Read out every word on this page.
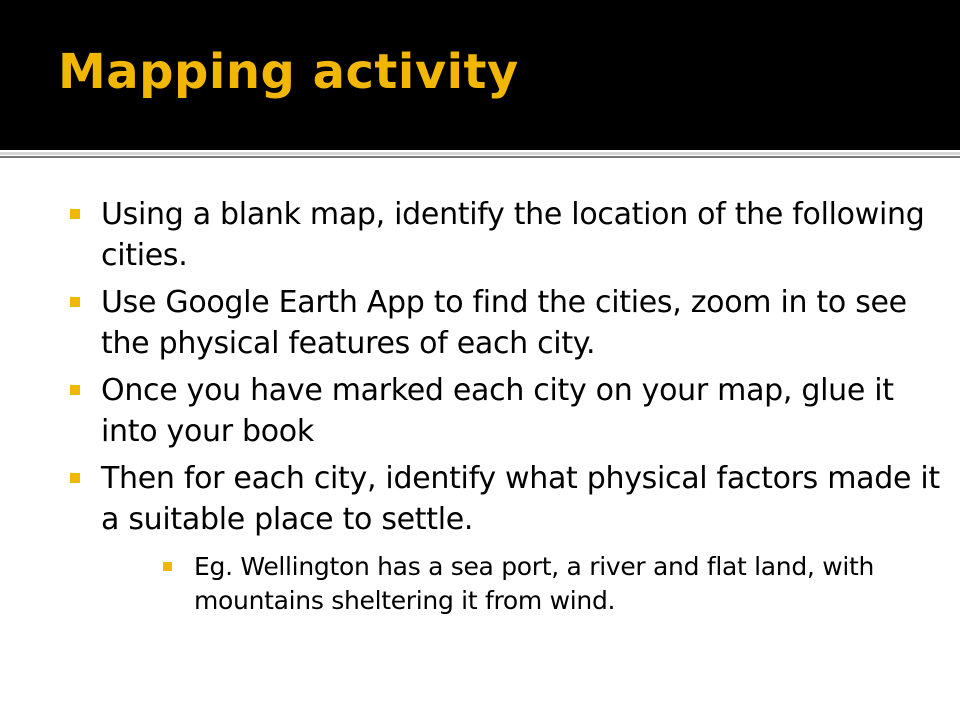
Mapping activity
Using a blank map, identify the location of the following cities.
Use Google Earth App to find the cities, zoom in to see the physical features of each city.
Once you have marked each city on your map, glue it into your book
Then for each city, identify what physical factors made it a suitable place to settle.
Eg. Wellington has a sea port, a river and flat land, with mountains sheltering it from wind.
